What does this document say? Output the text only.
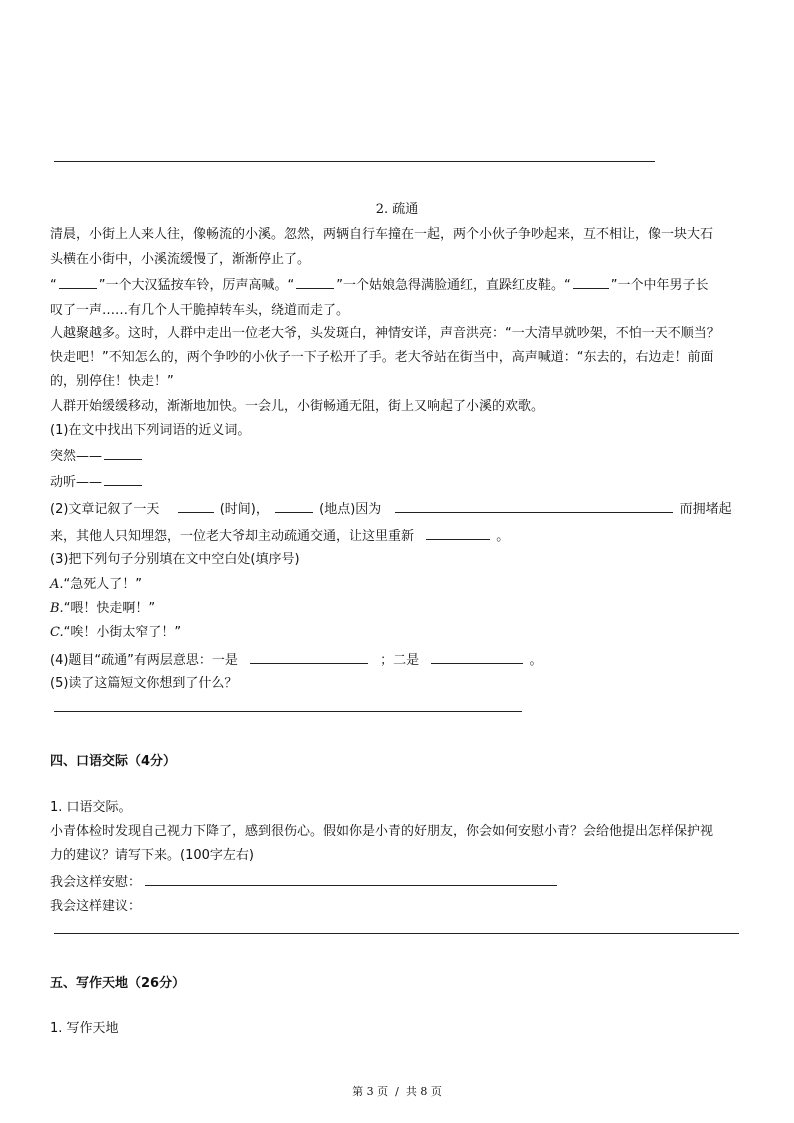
2. 疏通
清晨，小街上人来人往，像畅流的小溪。忽然，两辆自行车撞在一起，两个小伙子争吵起来，互不相让，像一块大石
头横在小街中，小溪流缓慢了，渐渐停止了。
“	”一个大汉猛按车铃，厉声高喊。“	”一个姑娘急得满脸通红，直跺红皮鞋。“	”一个中年男子长
叹了一声……有几个人干脆掉转车头，绕道而走了。
人越聚越多。这时，人群中走出一位老大爷，头发斑白，神情安详，声音洪亮：“一大清早就吵架，不怕一天不顺当？
快走吧！”不知怎么的，两个争吵的小伙子一下子松开了手。老大爷站在街当中，高声喊道：“东去的，右边走！前面
的，别停住！快走！”
人群开始缓缓移动，渐渐地加快。一会儿，小街畅通无阻，街上又响起了小溪的欢歌。
(1)在文中找出下列词语的近义词。
突然——
动听——
(2)文章记叙了一天	(时间)，	(地点)因为	而拥堵起
来，其他人只知埋怨，一位老大爷却主动疏通交通，让这里重新	。
(3)把下列句子分别填在文中空白处(填序号)
A.“急死人了！”
B.“喂！快走啊！”
C.“唉！小街太窄了！”
(4)题目“疏通”有两层意思：一是	；二是	。
(5)读了这篇短文你想到了什么？
四、口语交际（4分）
1. 口语交际。
小青体检时发现自己视力下降了，感到很伤心。假如你是小青的好朋友，你会如何安慰小青？会给他提出怎样保护视
力的建议？请写下来。(100字左右)
我会这样安慰：
我会这样建议：
五、写作天地（26分）
1. 写作天地
第 3 页  /  共 8 页
